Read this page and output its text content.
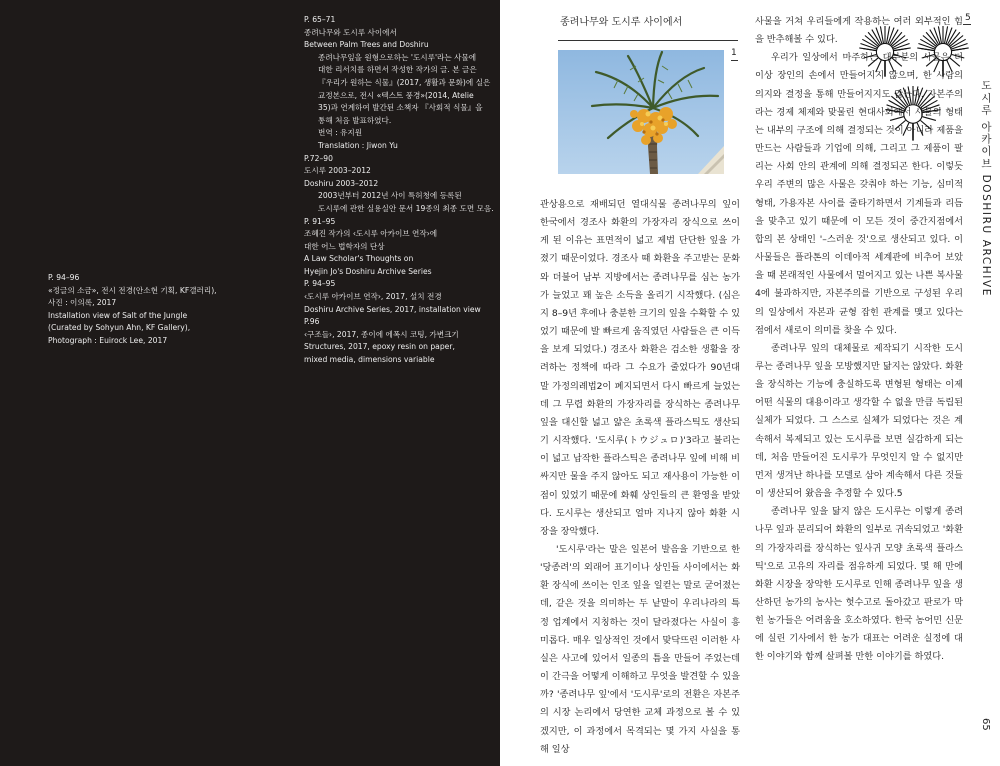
P. 94–96
«정글의 소금», 전시 전경(안소현 기획, KF갤러리),
사진 : 이의록, 2017
Installation view of Salt of the Jungle
(Curated by Sohyun Ahn, KF Gallery),
Photograph : Euirock Lee, 2017
P. 65–71
종려나무와 도시루 사이에서
Between Palm Trees and Doshiru
종려나무잎을 원형으로하는 '도시루'라는 사물에
대한 리서치를 하면서 작성한 작가의 글. 본 글은
『우리가 원하는 식물』(2017, 생활과 문화)에 실은
교정본으로, 전시 «텍스트 풍경»(2014, Atelie
35)과 연계하여 발간된 소책자 『사회적 식물』을
통해 처음 발표하였다.
번역 : 유지원
Translation : Jiwon Yu
P.72–90
도시루 2003–2012
Doshiru 2003–2012
2003년부터 2012년 사이 특허청에 등록된
도시루에 관한 실용실안 문서 19종의 최종 도면 모음.
P. 91–95
조혜진 작가의 ‹도시루 아카이브 연작›에
대한 어느 법학자의 단상
A Law Scholar's Thoughts on
Hyejin Jo's Doshiru Archive Series
P. 94–95
‹도시루 아카이브 연작›, 2017, 설치 전경
Doshiru Archive Series, 2017, installation view
P.96
‹구조들›, 2017, 종이에 에폭시 코팅, 가변크기
Structures, 2017, epoxy resin on paper,
mixed media, dimensions variable
종려나무와 도시루 사이에서
1
관상용으로 재배되던 열대식물 종려나무의 잎이 한국에서 경조사 화환의 가장자리 장식으로 쓰이게 된 이유는 표면적이 넓고 제법 단단한 잎을 가졌기 때문이었다. 경조사 때 화환을 주고받는 문화와 더불어 남부 지방에서는 종려나무를 심는 농가가 늘었고 꽤 높은 소득을 올리기 시작했다. (심은 지 8–9년 후에나 충분한 크기의 잎을 수확할 수 있었기 때문에 발 빠르게 움직였던 사람들은 큰 이득을 보게 되었다.) 경조사 화환은 검소한 생활을 장려하는 정책에 따라 그 수요가 줄었다가 90년대 말 가정의례법2이 폐지되면서 다시 빠르게 늘었는데 그 무렵 화환의 가장자리를 장식하는 종려나무 잎을 대신할 넓고 얇은 초록색 플라스틱도 생산되기 시작했다. '도시루(トウジュロ)'3라고 불리는 이 넓고 납작한 플라스틱은 종려나무 잎에 비해 비싸지만 물을 주지 않아도 되고 재사용이 가능한 이점이 있었기 때문에 화훼 상인들의 큰 환영을 받았다. 도시루는 생산되고 얼마 지나지 않아 화환 시장을 장악했다.
'도시루'라는 말은 일본어 발음을 기반으로 한 '당종려'의 외래어 표기이나 상인들 사이에서는 화환 장식에 쓰이는 인조 잎을 일컫는 말로 굳어졌는데, 같은 것을 의미하는 두 낱말이 우리나라의 특정 업계에서 지칭하는 것이 달라졌다는 사실이 흥미롭다. 매우 일상적인 것에서 맞닥뜨린 이러한 사실은 사고에 있어서 일종의 틈을 만들어 주었는데 이 간극을 어떻게 이해하고 무엇을 발견할 수 있을까? '종려나무 잎'에서 '도시루'로의 전환은 자본주의 시장 논리에서 당연한 교체 과정으로 볼 수 있겠지만, 이 과정에서 목격되는 몇 가지 사실을 통해 일상
사물을 거쳐 우리들에게 작용하는 여러 외부적인 힘을 반추해볼 수 있다.
우리가 일상에서 마주하는 대부분의 사물은 더 이상 장인의 손에서 만들어지지 않으며, 한 사람의 의지와 결정을 통해 만들어지지도 않는다. 자본주의라는 경제 체제와 맞물린 현대사회에서 사물의 형태는 내부의 구조에 의해 결정되는 것이 아니라 제품을 만드는 사람들과 기업에 의해, 그리고 그 제품이 팔리는 사회 안의 관계에 의해 결정되곤 한다. 이렇듯 우리 주변의 많은 사물은 갖춰야 하는 기능, 심미적 형태, 가용자본 사이를 줄타기하면서 기계들과 리듬을 맞추고 있기 때문에 이 모든 것이 중간지점에서 합의 본 상태인 '–스러운 것'으로 생산되고 있다. 이 사물들은 플라톤의 이데아적 세계관에 비추어 보았을 때 본래적인 사물에서 멀어지고 있는 나쁜 복사물4에 불과하지만, 자본주의를 기반으로 구성된 우리의 일상에서 자본과 균형 잡힌 관계를 맺고 있다는 점에서 새로이 의미를 찾을 수 있다.
종려나무 잎의 대체물로 제작되기 시작한 도시루는 종려나무 잎을 모방했지만 닮지는 않았다. 화환을 장식하는 기능에 충실하도록 변형된 형태는 이제 어떤 식물의 대용이라고 생각할 수 없을 만큼 독립된 실체가 되었다. 그 스스로 실체가 되었다는 것은 계속해서 복제되고 있는 도시루를 보면 실감하게 되는데, 처음 만들어진 도시루가 무엇인지 알 수 없지만 먼저 생겨난 하나를 모델로 삼아 계속해서 다른 것들이 생산되어 왔음을 추정할 수 있다.5
종려나무 잎을 닮지 않은 도시루는 이렇게 종려나무 잎과 분리되어 화환의 일부로 귀속되었고 '화환의 가장자리를 장식하는 잎사귀 모양 초록색 플라스틱'으로 고유의 자리를 점유하게 되었다. 몇 해 만에 화환 시장을 장악한 도시루로 인해 종려나무 잎을 생산하던 농가의 농사는 헛수고로 돌아갔고 판로가 막힌 농가들은 어려움을 호소하였다. 한국 농어민 신문에 실린 기사에서 한 농가 대표는 어려운 실정에 대한 이야기와 함께 살펴볼 만한 이야기를 하였다.
5
도시루 아카이브 DOSHIRU ARCHIVE
65
